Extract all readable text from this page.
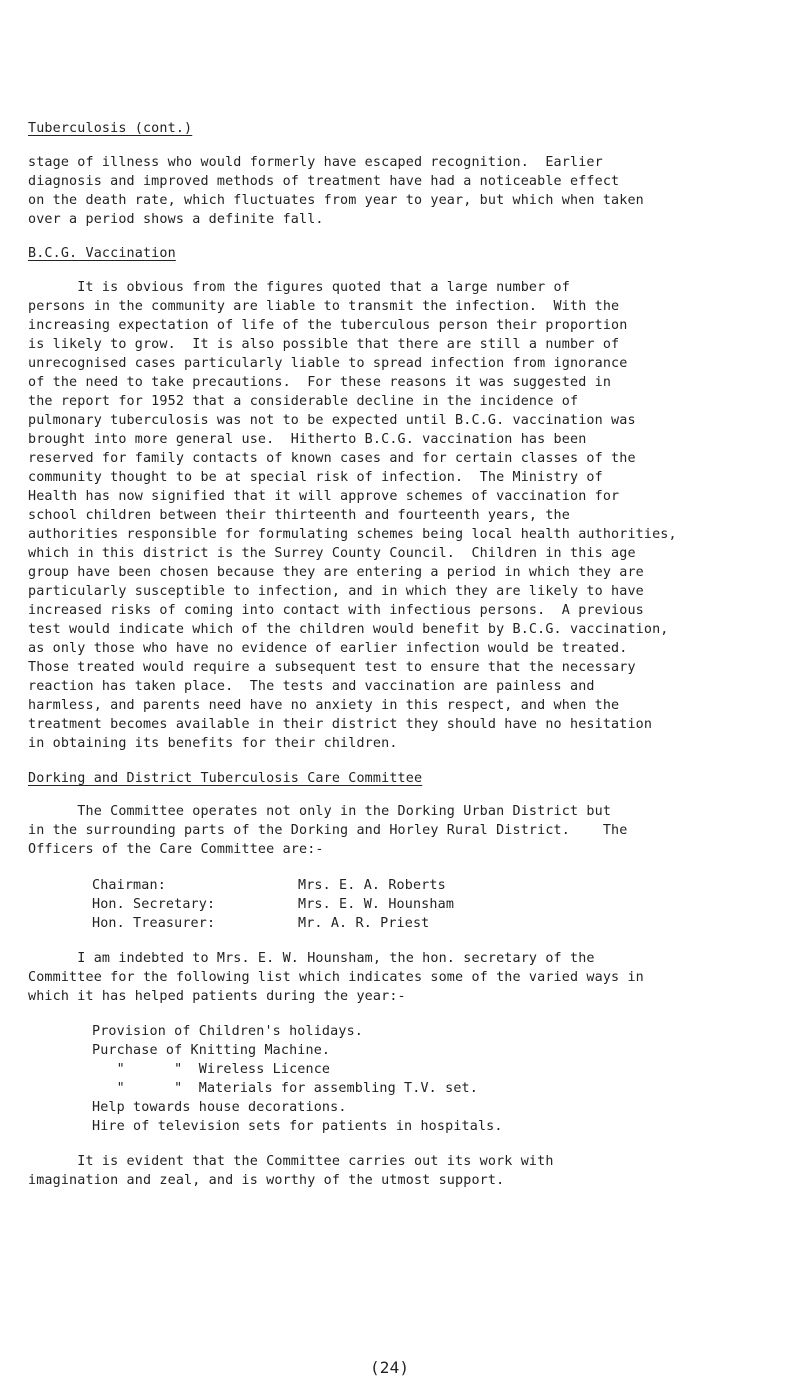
Tuberculosis (cont.)
stage of illness who would formerly have escaped recognition.  Earlier
diagnosis and improved methods of treatment have had a noticeable effect
on the death rate, which fluctuates from year to year, but which when taken
over a period shows a definite fall.
B.C.G. Vaccination
It is obvious from the figures quoted that a large number of
persons in the community are liable to transmit the infection.  With the
increasing expectation of life of the tuberculous person their proportion
is likely to grow.  It is also possible that there are still a number of
unrecognised cases particularly liable to spread infection from ignorance
of the need to take precautions.  For these reasons it was suggested in
the report for 1952 that a considerable decline in the incidence of
pulmonary tuberculosis was not to be expected until B.C.G. vaccination was
brought into more general use.  Hitherto B.C.G. vaccination has been
reserved for family contacts of known cases and for certain classes of the
community thought to be at special risk of infection.  The Ministry of
Health has now signified that it will approve schemes of vaccination for
school children between their thirteenth and fourteenth years, the
authorities responsible for formulating schemes being local health authorities,
which in this district is the Surrey County Council.  Children in this age
group have been chosen because they are entering a period in which they are
particularly susceptible to infection, and in which they are likely to have
increased risks of coming into contact with infectious persons.  A previous
test would indicate which of the children would benefit by B.C.G. vaccination,
as only those who have no evidence of earlier infection would be treated.
Those treated would require a subsequent test to ensure that the necessary
reaction has taken place.  The tests and vaccination are painless and
harmless, and parents need have no anxiety in this respect, and when the
treatment becomes available in their district they should have no hesitation
in obtaining its benefits for their children.
Dorking and District Tuberculosis Care Committee
The Committee operates not only in the Dorking Urban District but
in the surrounding parts of the Dorking and Horley Rural District.    The
Officers of the Care Committee are:-
Chairman:	Mrs. E. A. Roberts
Hon. Secretary:	Mrs. E. W. Hounsham
Hon. Treasurer:	Mr. A. R. Priest
I am indebted to Mrs. E. W. Hounsham, the hon. secretary of the
Committee for the following list which indicates some of the varied ways in
which it has helped patients during the year:-
Provision of Children's holidays.
Purchase of Knitting Machine.
"      "  Wireless Licence
"      "  Materials for assembling T.V. set.
Help towards house decorations.
Hire of television sets for patients in hospitals.
It is evident that the Committee carries out its work with
imagination and zeal, and is worthy of the utmost support.
(24)
